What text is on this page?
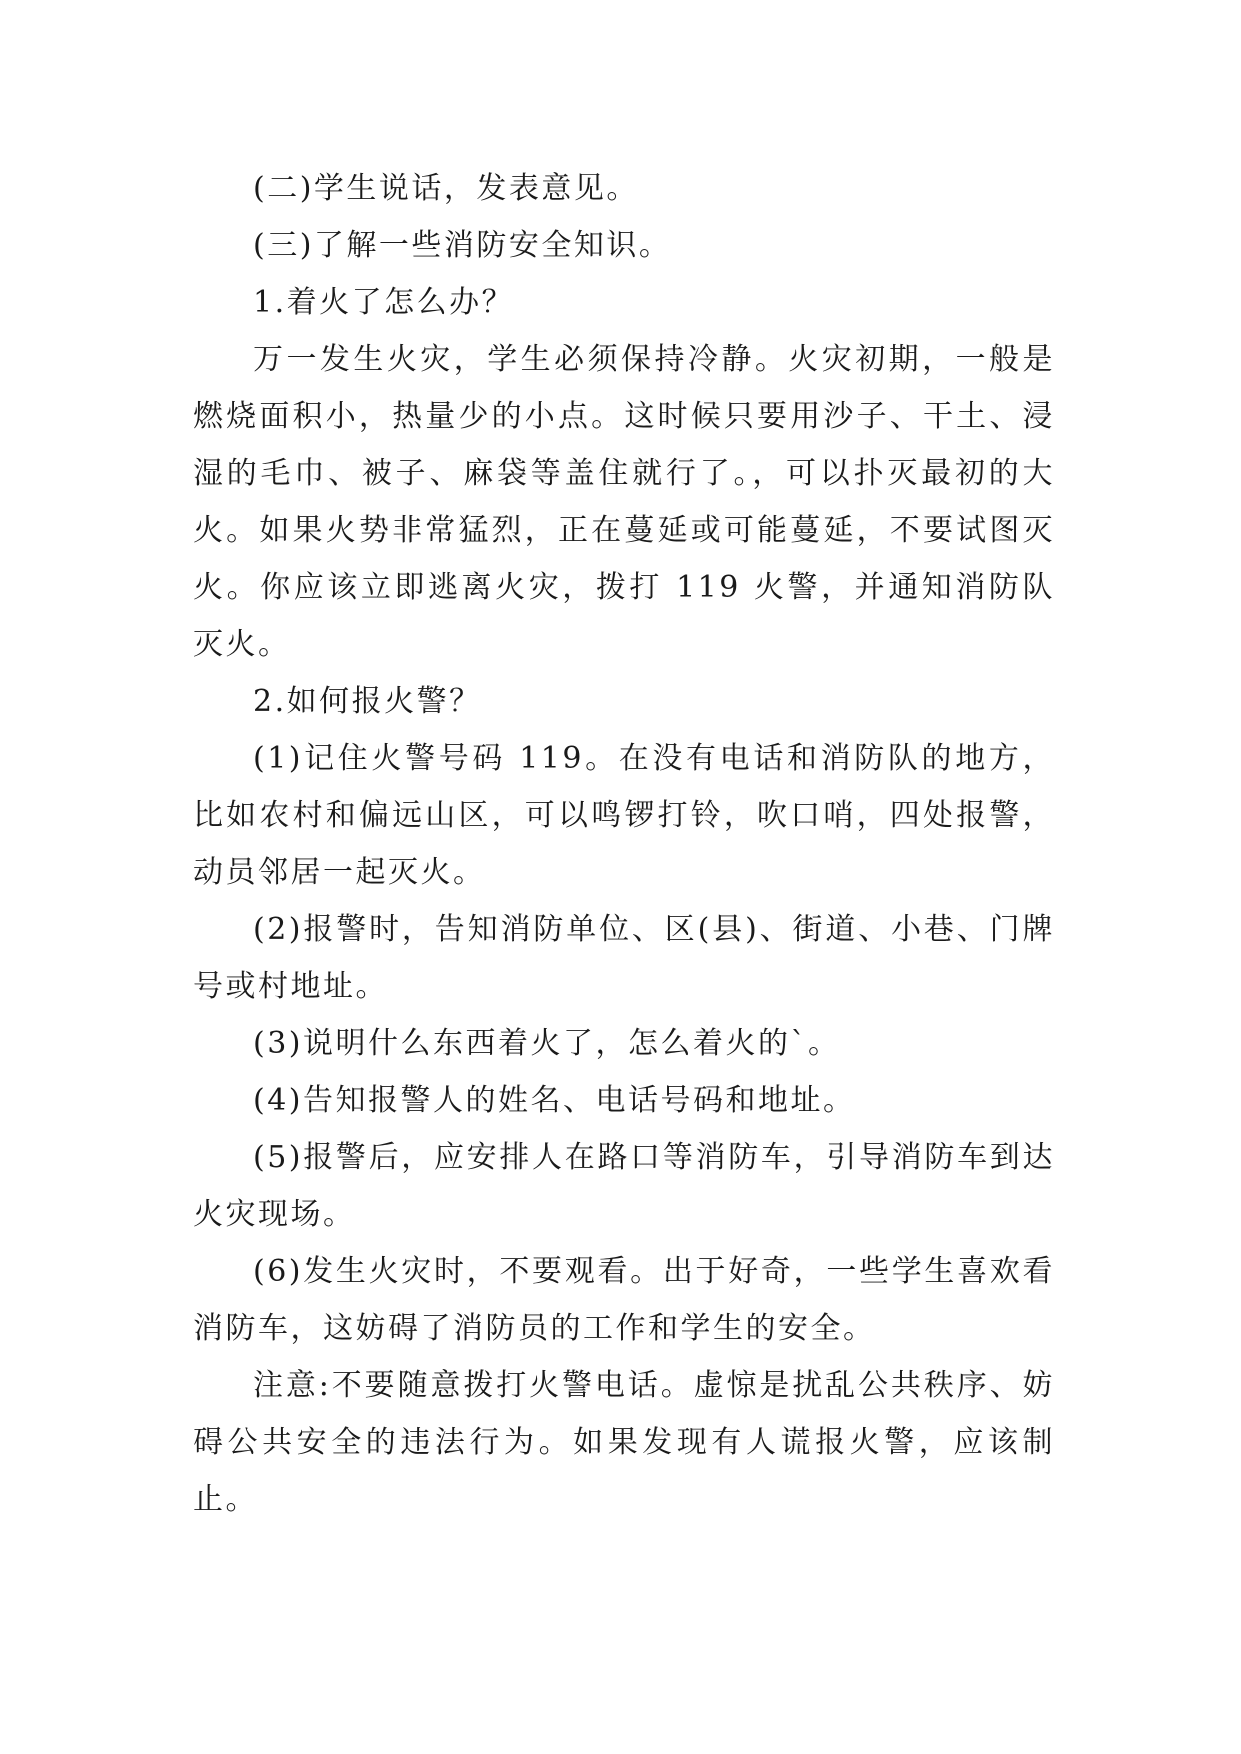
(二)学生说话，发表意见。

(三)了解一些消防安全知识。

1.着火了怎么办？

万一发生火灾，学生必须保持冷静。火灾初期，一般是燃烧面积小，热量少的小点。这时候只要用沙子、干土、浸湿的毛巾、被子、麻袋等盖住就行了。，可以扑灭最初的大火。如果火势非常猛烈，正在蔓延或可能蔓延，不要试图灭火。你应该立即逃离火灾，拨打 119 火警，并通知消防队灭火。

2.如何报火警？

(1)记住火警号码 119。在没有电话和消防队的地方，比如农村和偏远山区，可以鸣锣打铃，吹口哨，四处报警，动员邻居一起灭火。

(2)报警时，告知消防单位、区(县)、街道、小巷、门牌号或村地址。

(3)说明什么东西着火了，怎么着火的`。

(4)告知报警人的姓名、电话号码和地址。

(5)报警后，应安排人在路口等消防车，引导消防车到达火灾现场。

(6)发生火灾时，不要观看。出于好奇，一些学生喜欢看消防车，这妨碍了消防员的工作和学生的安全。

注意:不要随意拨打火警电话。虚惊是扰乱公共秩序、妨碍公共安全的违法行为。如果发现有人谎报火警，应该制止。
